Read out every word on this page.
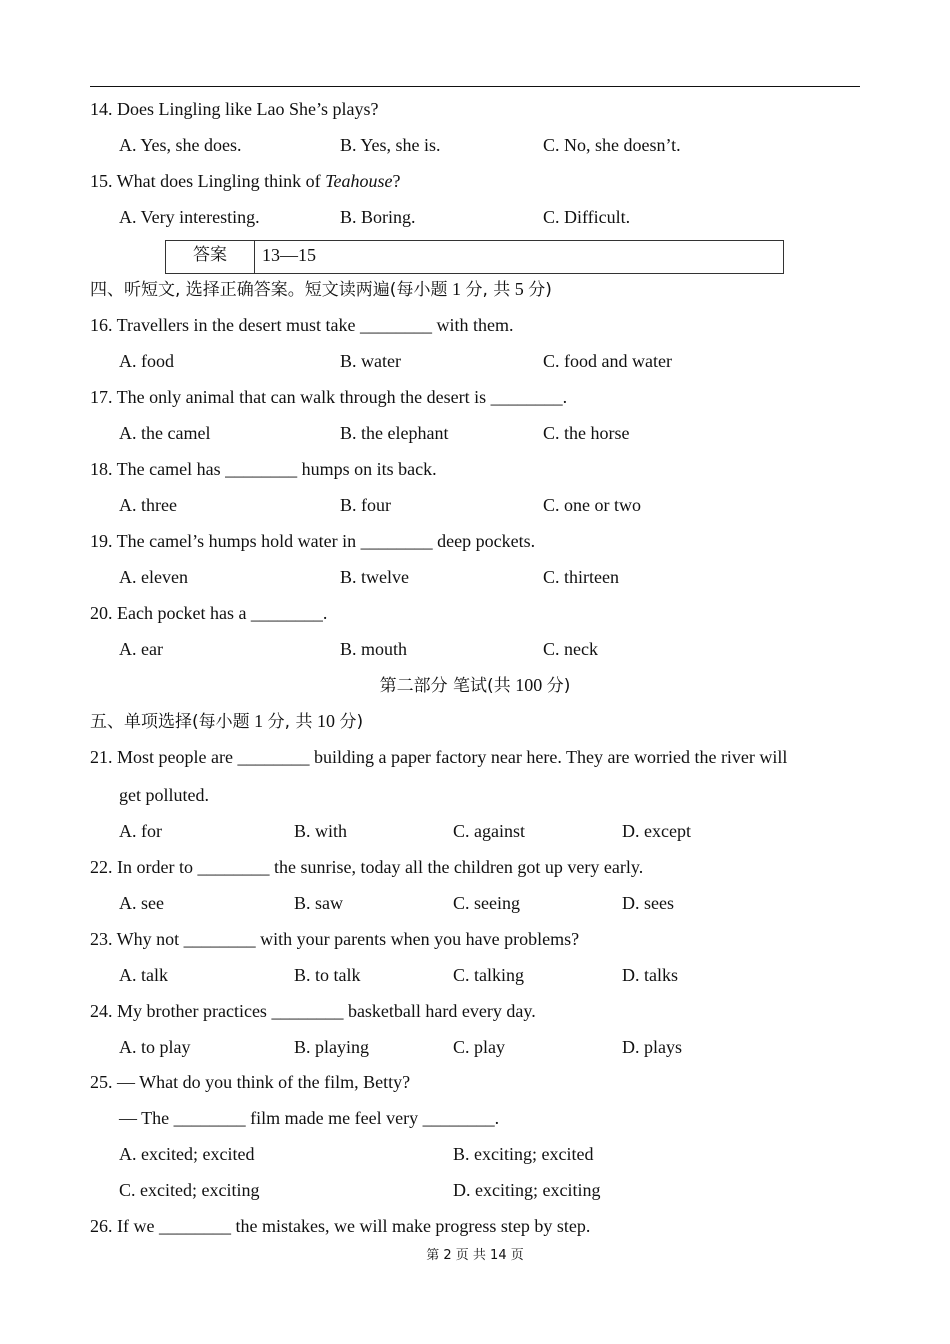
14. Does Lingling like Lao She’s plays?
A. Yes, she does.	B. Yes, she is.	C. No, she doesn’t.
15. What does Lingling think of Teahouse?
A. Very interesting.	B. Boring.	C. Difficult.
答案	13—15
四、听短文, 选择正确答案。短文读两遍(每小题 1 分, 共 5 分)
16. Travellers in the desert must take ________ with them.
A. food	B. water	C. food and water
17. The only animal that can walk through the desert is ________.
A. the camel	B. the elephant	C. the horse
18. The camel has ________ humps on its back.
A. three	B. four	C. one or two
19. The camel’s humps hold water in ________ deep pockets.
A. eleven	B. twelve	C. thirteen
20. Each pocket has a ________.
A. ear	B. mouth	C. neck
第二部分 笔试(共 100 分)
五、单项选择(每小题 1 分, 共 10 分)
21. Most people are ________ building a paper factory near here. They are worried the river will
get polluted.
A. for	B. with	C. against	D. except
22. In order to ________ the sunrise, today all the children got up very early.
A. see	B. saw	C. seeing	D. sees
23. Why not ________ with your parents when you have problems?
A. talk	B. to talk	C. talking	D. talks
24. My brother practices ________ basketball hard every day.
A. to play	B. playing	C. play	D. plays
25. — What do you think of the film, Betty?
— The ________ film made me feel very ________.
A. excited; excited	B. exciting; excited
C. excited; exciting	D. exciting; exciting
26. If we ________ the mistakes, we will make progress step by step.
第 2 页 共 14 页
